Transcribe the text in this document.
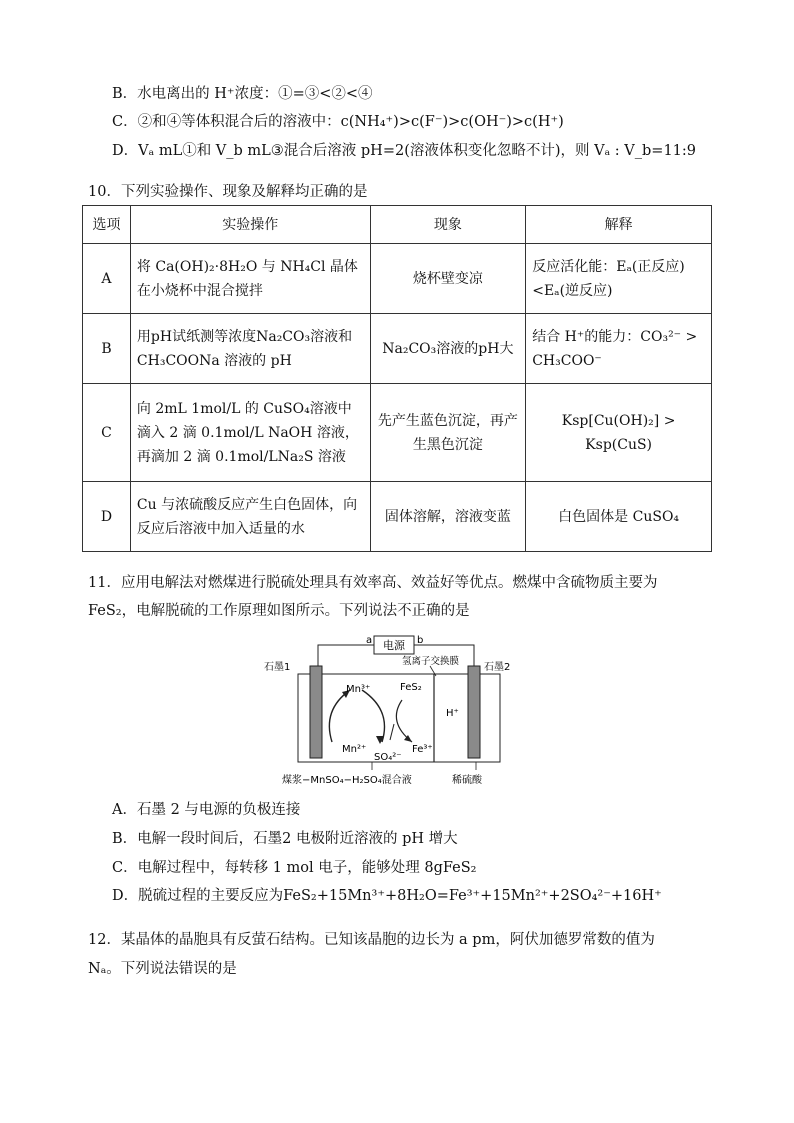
B．水电离出的 H⁺浓度：①=③<②<④
C．②和④等体积混合后的溶液中：c(NH₄⁺)>c(F⁻)>c(OH⁻)>c(H⁺)
D．Vₐ mL①和 V_b mL③混合后溶液 pH=2(溶液体积变化忽略不计)，则 Vₐ : V_b=11:9
10．下列实验操作、现象及解释均正确的是
选项	实验操作	现象	解释
A	将 Ca(OH)₂·8H₂O 与 NH₄Cl 晶体在小烧杯中混合搅拌	烧杯壁变凉	反应活化能：Eₐ(正反应)<Eₐ(逆反应)
B	用pH试纸测等浓度Na₂CO₃溶液和 CH₃COONa 溶液的 pH	Na₂CO₃溶液的pH大	结合 H⁺的能力：CO₃²⁻ > CH₃COO⁻
C	向 2mL 1mol/L 的 CuSO₄溶液中滴入 2 滴 0.1mol/L NaOH 溶液，再滴加 2 滴 0.1mol/LNa₂S 溶液	先产生蓝色沉淀，再产生黑色沉淀	Ksp[Cu(OH)₂] > Ksp(CuS)
D	Cu 与浓硫酸反应产生白色固体，向反应后溶液中加入适量的水	固体溶解，溶液变蓝	白色固体是 CuSO₄
11．应用电解法对燃煤进行脱硫处理具有效率高、效益好等优点。燃煤中含硫物质主要为
FeS₂，电解脱硫的工作原理如图所示。下列说法不正确的是
电源
a	b
石墨1	石墨2
氢离子交换膜
Mn³⁺	FeS₂
Mn²⁺
SO₄²⁻
Fe³⁺
H⁺
煤浆−MnSO₄−H₂SO₄混合液	稀硫酸
A．石墨 2 与电源的负极连接
B．电解一段时间后，石墨2 电极附近溶液的 pH 增大
C．电解过程中，每转移 1 mol 电子，能够处理 8gFeS₂
D．脱硫过程的主要反应为FeS₂+15Mn³⁺+8H₂O=Fe³⁺+15Mn²⁺+2SO₄²⁻+16H⁺
12．某晶体的晶胞具有反萤石结构。已知该晶胞的边长为 a pm，阿伏加德罗常数的值为
Nₐ。下列说法错误的是
